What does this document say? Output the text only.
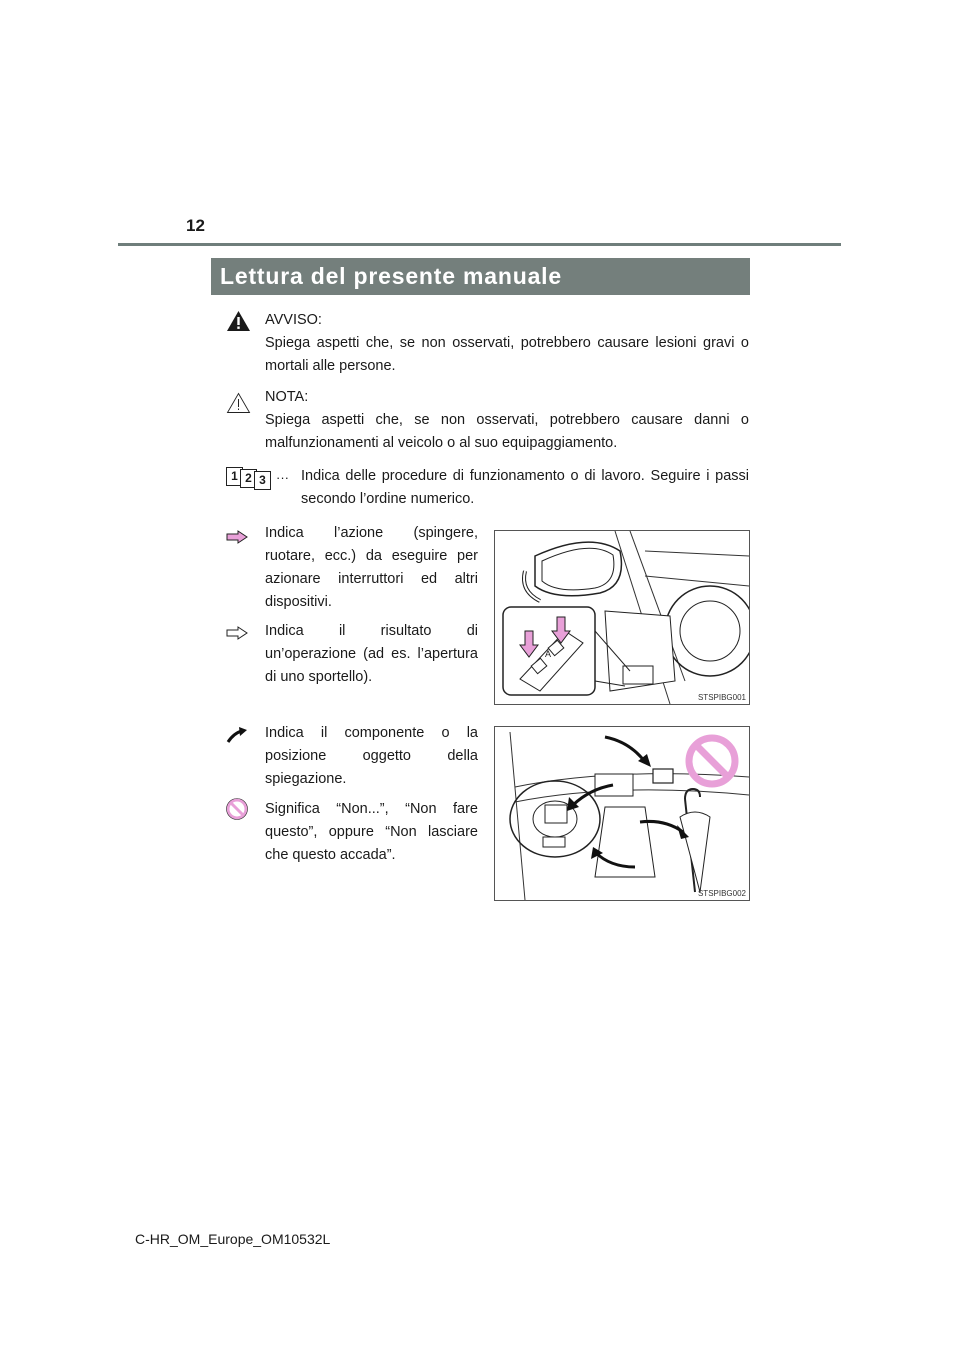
12
Lettura del presente manuale
AVVISO:
Spiega aspetti che, se non osservati, potrebbero causare lesioni gravi o mortali alle persone.
NOTA:
Spiega aspetti che, se non osservati, potrebbero causare danni o malfunzionamenti al veicolo o al suo equipaggiamento.
1 2 3 ··· Indica delle procedure di funzionamento o di lavoro. Seguire i passi secondo l’ordine numerico.
Indica l’azione (spingere, ruotare, ecc.) da eseguire per azionare interruttori ed altri dispositivi.
Indica il risultato di un’operazione (ad es. l’apertura di uno sportello).
A
STSPIBG001
Indica il componente o la posizione oggetto della spiegazione.
Significa “Non...”, “Non fare questo”, oppure “Non lasciare che questo accada”.
STSPIBG002
C-HR_OM_Europe_OM10532L
